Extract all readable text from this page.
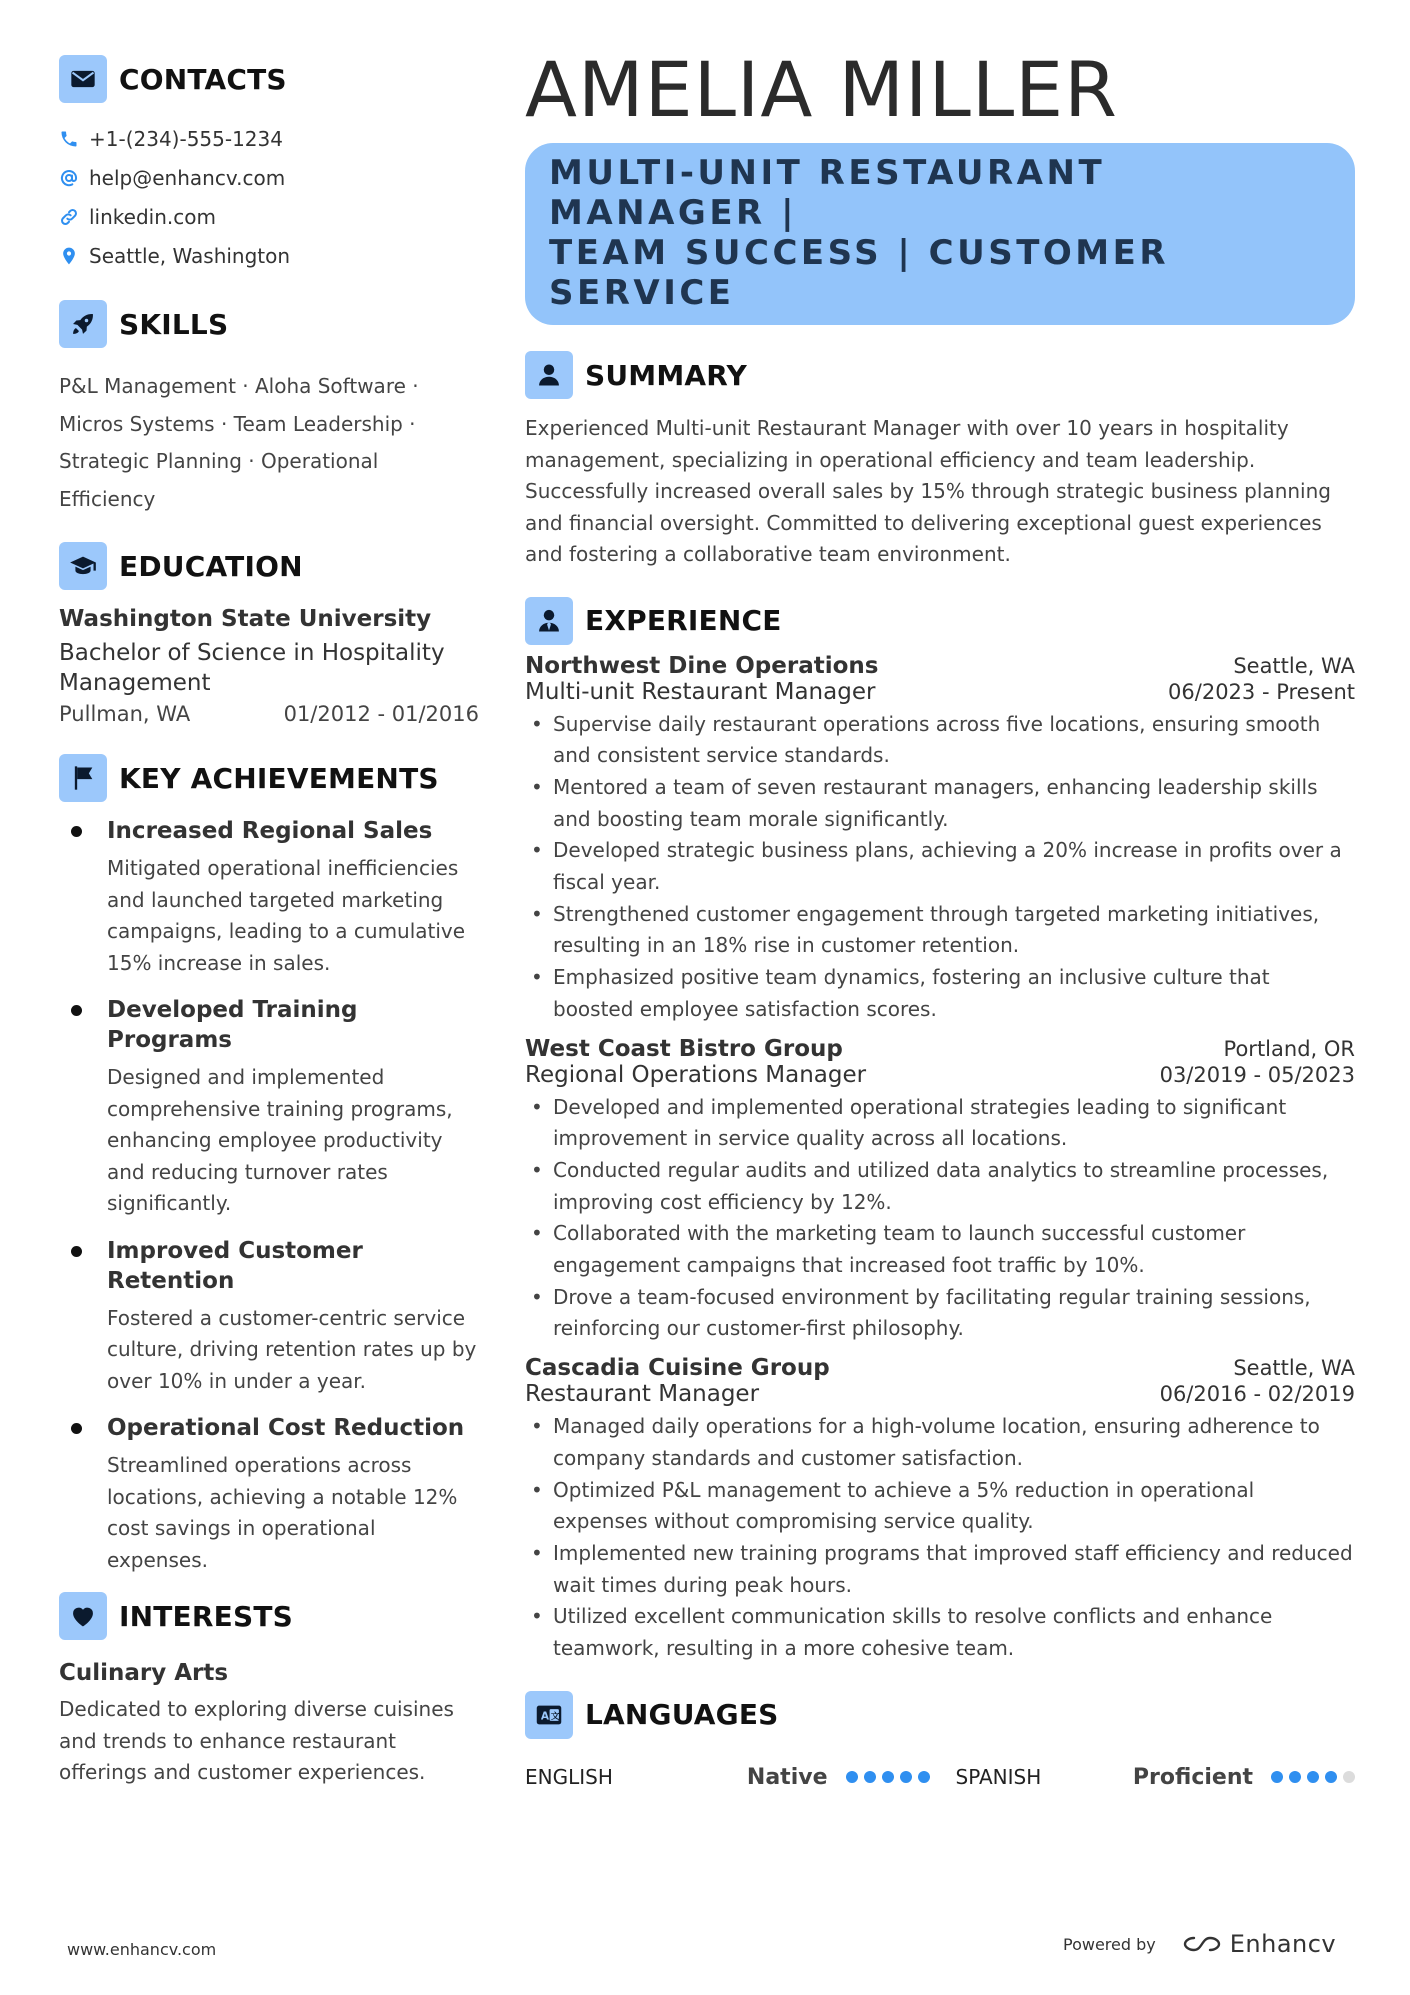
CONTACTS
+1-(234)-555-1234
help@enhancv.com
linkedin.com
Seattle, Washington
SKILLS
P&L Management · Aloha Software ·
Micros Systems · Team Leadership ·
Strategic Planning · Operational Efficiency
EDUCATION
Washington State University
Bachelor of Science in Hospitality Management
Pullman, WA	01/2012 - 01/2016
KEY ACHIEVEMENTS
Increased Regional Sales
Mitigated operational inefficiencies and launched targeted marketing campaigns, leading to a cumulative 15% increase in sales.
Developed Training Programs
Designed and implemented comprehensive training programs, enhancing employee productivity and reducing turnover rates significantly.
Improved Customer Retention
Fostered a customer-centric service culture, driving retention rates up by over 10% in under a year.
Operational Cost Reduction
Streamlined operations across locations, achieving a notable 12% cost savings in operational expenses.
INTERESTS
Culinary Arts
Dedicated to exploring diverse cuisines and trends to enhance restaurant offerings and customer experiences.
AMELIA MILLER
MULTI-UNIT RESTAURANT MANAGER |
TEAM SUCCESS | CUSTOMER SERVICE
SUMMARY
Experienced Multi-unit Restaurant Manager with over 10 years in hospitality management, specializing in operational efficiency and team leadership. Successfully increased overall sales by 15% through strategic business planning and financial oversight. Committed to delivering exceptional guest experiences and fostering a collaborative team environment.
EXPERIENCE
Northwest Dine Operations	Seattle, WA
Multi-unit Restaurant Manager	06/2023 - Present
• Supervise daily restaurant operations across five locations, ensuring smooth and consistent service standards.
• Mentored a team of seven restaurant managers, enhancing leadership skills and boosting team morale significantly.
• Developed strategic business plans, achieving a 20% increase in profits over a fiscal year.
• Strengthened customer engagement through targeted marketing initiatives, resulting in an 18% rise in customer retention.
• Emphasized positive team dynamics, fostering an inclusive culture that boosted employee satisfaction scores.
West Coast Bistro Group	Portland, OR
Regional Operations Manager	03/2019 - 05/2023
• Developed and implemented operational strategies leading to significant improvement in service quality across all locations.
• Conducted regular audits and utilized data analytics to streamline processes, improving cost efficiency by 12%.
• Collaborated with the marketing team to launch successful customer engagement campaigns that increased foot traffic by 10%.
• Drove a team-focused environment by facilitating regular training sessions, reinforcing our customer-first philosophy.
Cascadia Cuisine Group	Seattle, WA
Restaurant Manager	06/2016 - 02/2019
• Managed daily operations for a high-volume location, ensuring adherence to company standards and customer satisfaction.
• Optimized P&L management to achieve a 5% reduction in operational expenses without compromising service quality.
• Implemented new training programs that improved staff efficiency and reduced wait times during peak hours.
• Utilized excellent communication skills to resolve conflicts and enhance teamwork, resulting in a more cohesive team.
A 文 LANGUAGES
ENGLISH	Native	SPANISH	Proficient
www.enhancv.com	Powered by	Enhancv
